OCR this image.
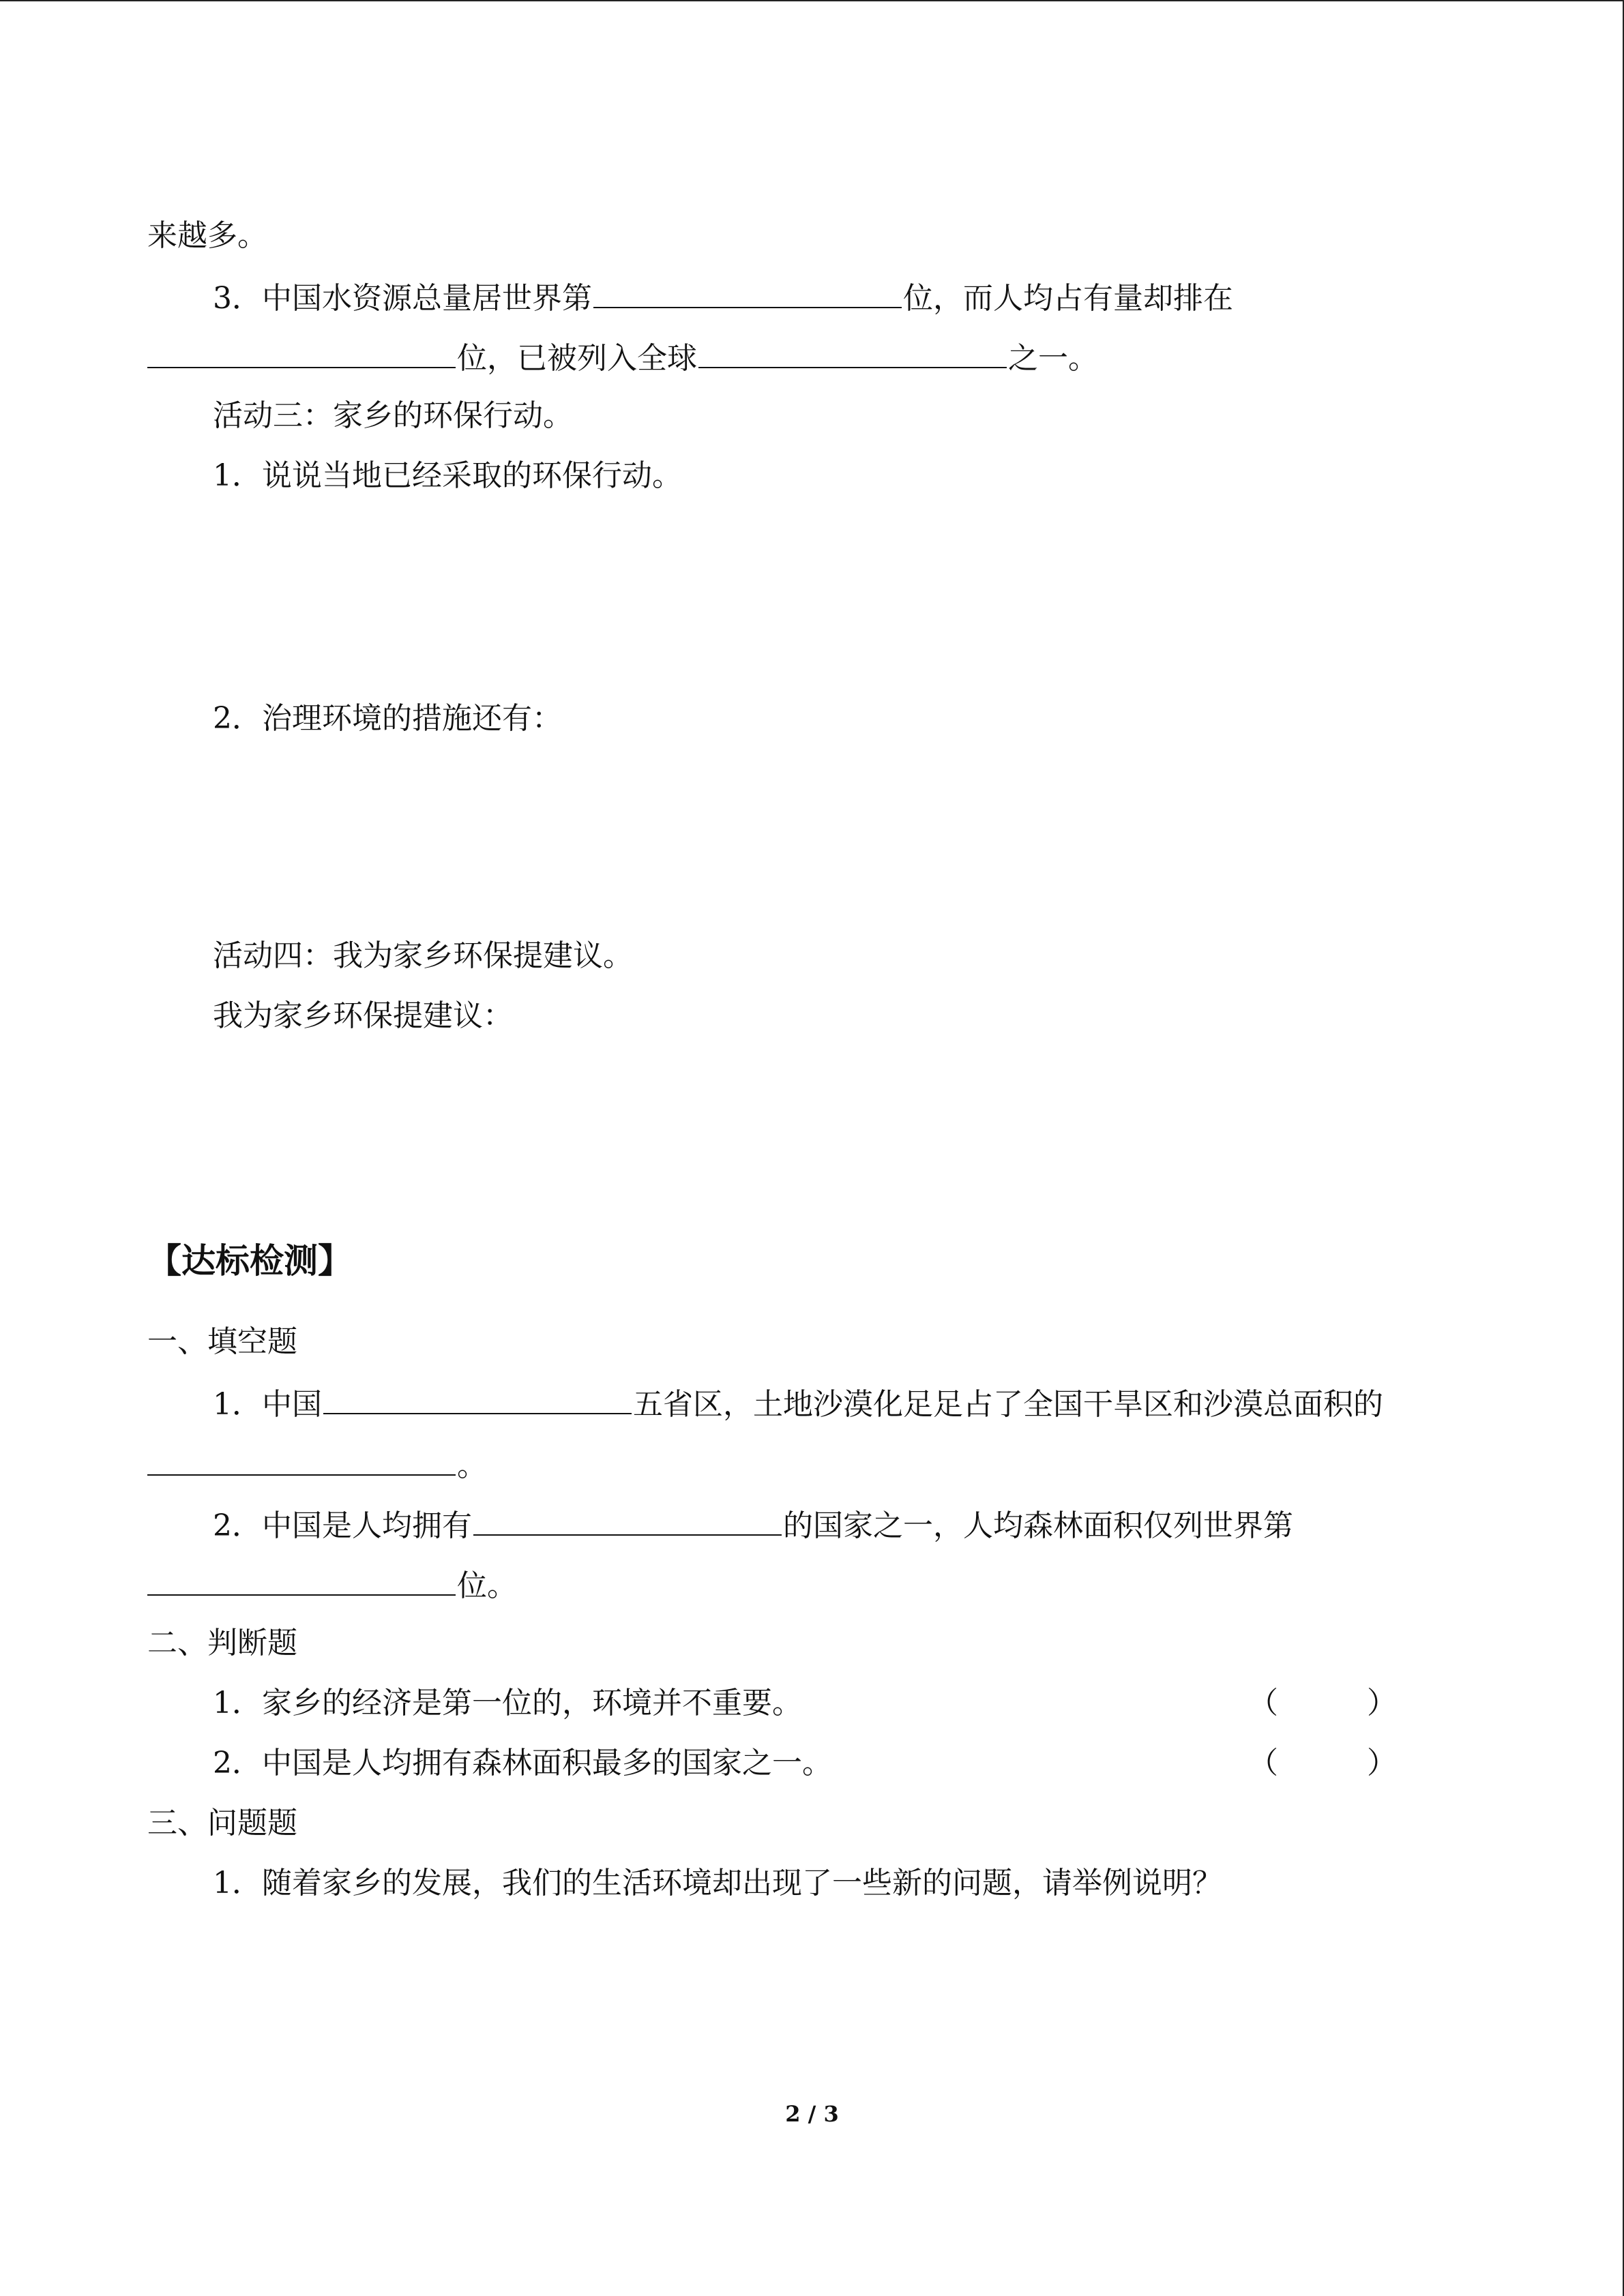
来越多。
3．中国水资源总量居世界第	位，而人均占有量却排在
位，已被列入全球	之一。
活动三：家乡的环保行动。
1．说说当地已经采取的环保行动。
2．治理环境的措施还有：
活动四：我为家乡环保提建议。
我为家乡环保提建议：
【达标检测】
一、填空题
1．中国	五省区，土地沙漠化足足占了全国干旱区和沙漠总面积的
。
2．中国是人均拥有	的国家之一，人均森林面积仅列世界第
位。
二、判断题
1．家乡的经济是第一位的，环境并不重要。	（	）
2．中国是人均拥有森林面积最多的国家之一。	（	）
三、问题题
1．随着家乡的发展，我们的生活环境却出现了一些新的问题，请举例说明？
2 / 3
